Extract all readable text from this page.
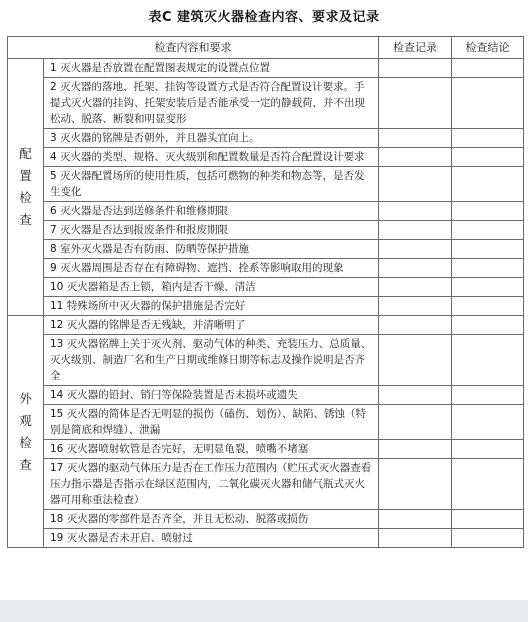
表C 建筑灭火器检查内容、要求及记录
检查内容和要求		检查记录	检查结论
配
置
检
查	1 灭火器是否放置在配置图表规定的设置点位置		
	2 灭火器的落地、托架、挂钩等设置方式是否符合配置设计要求。手提式灭火器的挂钩、托架安装后是否能承受一定的静载荷，并不出现松动、脱落、断裂和明显变形		
	3 灭火器的铭牌是否朝外，并且器头宜向上。		
	4 灭火器的类型、规格、灭火级别和配置数量是否符合配置设计要求		
	5 灭火器配置场所的使用性质，包括可燃物的种类和物态等，是否发生变化		
	6 灭火器是否达到送修条件和维修期限		
	7 灭火器是否达到报废条件和报废期限		
	8 室外灭火器是否有防雨、防晒等保护措施		
	9 灭火器周围是否存在有障碍物、遮挡、拴系等影响取用的现象		
	10 灭火器箱是否上锁，箱内是否干燥、清洁		
	11 特殊场所中灭火器的保护措施是否完好		
外
观
检
查	12 灭火器的铭牌是否无残缺，并清晰明了		
	13 灭火器铭牌上关于灭火剂、驱动气体的种类、充装压力、总质量、灭火级别、制造厂名和生产日期或维修日期等标志及操作说明是否齐全		
	14 灭火器的铅封、销闩等保险装置是否未损坏或遗失		
	15 灭火器的简体是否无明显的损伤（磕伤、划伤）、缺陷、锈蚀（特别是简底和焊缝）、泄漏		
	16 灭火器喷射软管是否完好，无明显龟裂，喷嘴不堵塞		
	17 灭火器的驱动气体压力是否在工作压力范围内（贮压式灭火器查看压力指示器是否指示在绿区范围内，二氧化碳灭火器和储气瓶式灭火器可用称重法检查）		
	18 灭火器的零部件是否齐全，并且无松动、脱落或损伤		
	19 灭火器是否未开启、喷射过		
